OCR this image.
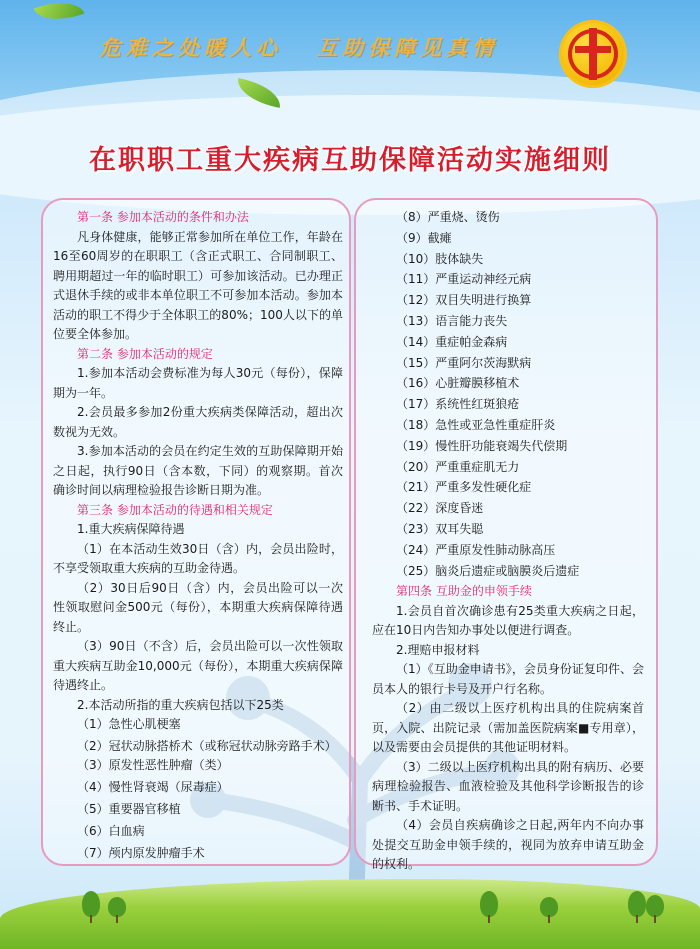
危难之处暖人心 互助保障见真情
在职职工重大疾病互助保障活动实施细则

第一条 参加本活动的条件和办法

凡身体健康，能够正常参加所在单位工作，年龄在16至60周岁的在职职工（含正式职工、合同制职工、聘用期超过一年的临时职工）可参加该活动。已办理正式退休手续的或非本单位职工不可参加本活动。参加本活动的职工不得少于全体职工的80%；100人以下的单位要全体参加。

第二条 参加本活动的规定

1.参加本活动会费标准为每人30元（每份），保障期为一年。

2.会员最多参加2份重大疾病类保障活动，超出次数视为无效。

3.参加本活动的会员在约定生效的互助保障期开始之日起，执行90日（含本数，下同）的观察期。首次确诊时间以病理检验报告诊断日期为准。

第三条 参加本活动的待遇和相关规定

1.重大疾病保障待遇

（1）在本活动生效30日（含）内，会员出险时，不享受领取重大疾病的互助金待遇。

（2）30日后90日（含）内，会员出险可以一次性领取慰问金500元（每份），本期重大疾病保障待遇终止。

（3）90日（不含）后，会员出险可以一次性领取重大疾病互助金10,000元（每份），本期重大疾病保障待遇终止。

2.本活动所指的重大疾病包括以下25类

（1）急性心肌梗塞

（2）冠状动脉搭桥术（或称冠状动脉旁路手术）

（3）原发性恶性肿瘤（类）

（4）慢性肾衰竭（尿毒症）

（5）重要器官移植

（6）白血病

（7）颅内原发肿瘤手术

（8）严重烧、烫伤

（9）截瘫

（10）肢体缺失

（11）严重运动神经元病

（12）双目失明进行换算

（13）语言能力丧失

（14）重症帕金森病

（15）严重阿尔茨海默病

（16）心脏瓣膜移植术

（17）系统性红斑狼疮

（18）急性或亚急性重症肝炎

（19）慢性肝功能衰竭失代偿期

（20）严重重症肌无力

（21）严重多发性硬化症

（22）深度昏迷

（23）双耳失聪

（24）严重原发性肺动脉高压

（25）脑炎后遗症或脑膜炎后遗症

第四条 互助金的申领手续

1.会员自首次确诊患有25类重大疾病之日起，应在10日内告知办事处以便进行调查。

2.理赔申报材料

（1）《互助金申请书》，会员身份证复印件、会员本人的银行卡号及开户行名称。

（2）由二级以上医疗机构出具的住院病案首页，入院、出院记录（需加盖医院病案■专用章），以及需要由会员提供的其他证明材料。

（3）二级以上医疗机构出具的附有病历、必要病理检验报告、血液检验及其他科学诊断报告的诊断书、手术证明。

（4）会员自疾病确诊之日起,两年内不向办事处提交互助金申领手续的，视同为放弃申请互助金的权利。
